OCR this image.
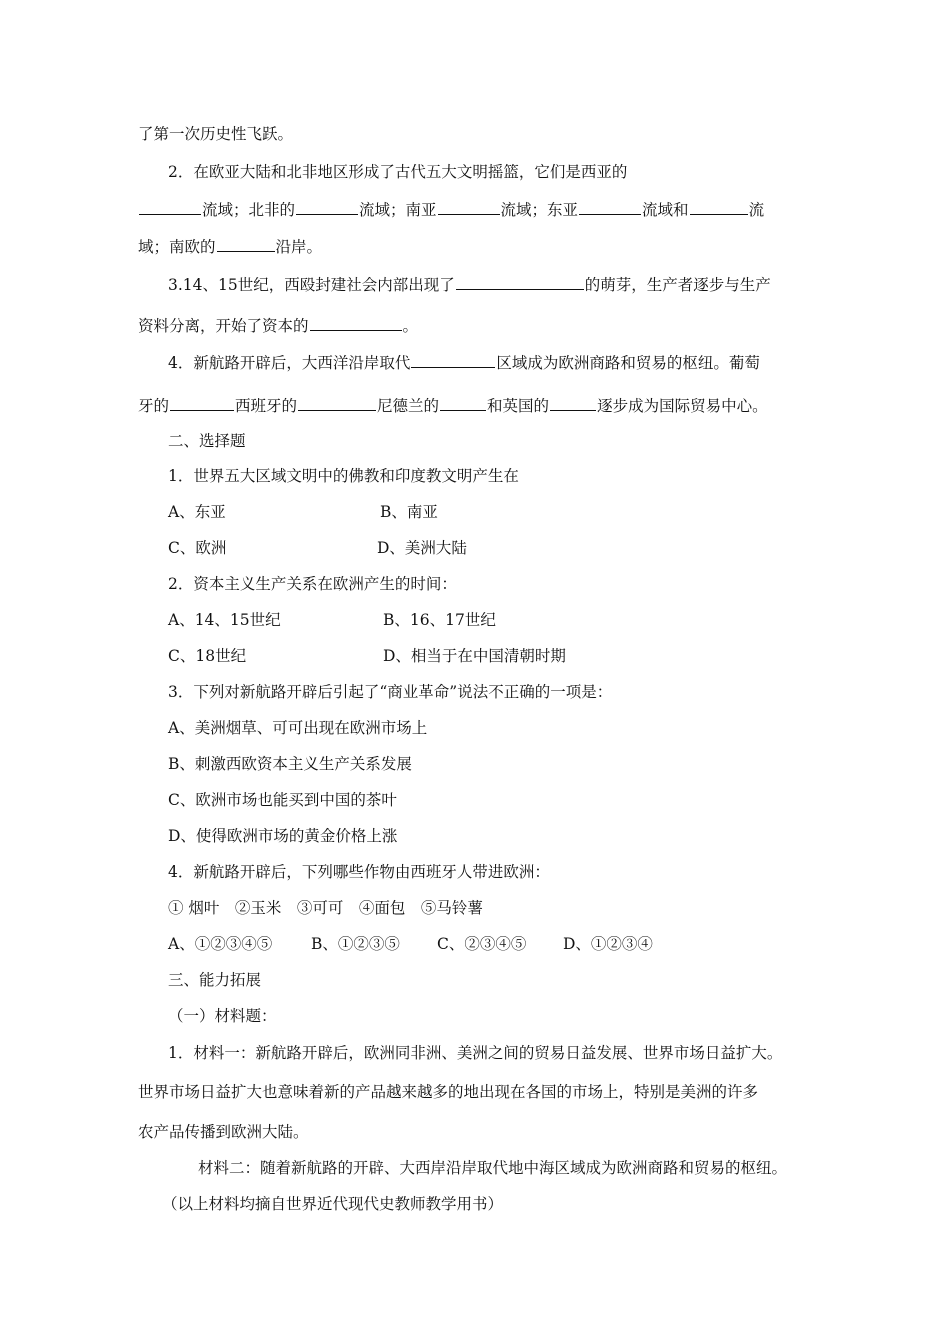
了第一次历史性飞跃。
2．在欧亚大陆和北非地区形成了古代五大文明摇篮，它们是西亚的
流域；北非的	流域；南亚	流域；东亚	流域和	流
域；南欧的	沿岸。
3.14、15世纪，西殴封建社会内部出现了	的萌芽，生产者逐步与生产
资料分离，开始了资本的	。
4．新航路开辟后，大西洋沿岸取代	区域成为欧洲商路和贸易的枢纽。葡萄
牙的	西班牙的	尼德兰的	和英国的	逐步成为国际贸易中心。
二、选择题
1．世界五大区域文明中的佛教和印度教文明产生在
A、东亚	B、南亚
C、欧洲	D、美洲大陆
2．资本主义生产关系在欧洲产生的时间：
A、14、15世纪	B、16、17世纪
C、18世纪	D、相当于在中国清朝时期
3．下列对新航路开辟后引起了“商业革命”说法不正确的一项是：
A、美洲烟草、可可出现在欧洲市场上
B、刺激西欧资本主义生产关系发展
C、欧洲市场也能买到中国的茶叶
D、使得欧洲市场的黄金价格上涨
4．新航路开辟后，下列哪些作物由西班牙人带进欧洲：
① 烟叶　②玉米　③可可　④面包　⑤马铃薯
A、①②③④⑤	B、①②③⑤ C、②③④⑤ D、①②③④
三、能力拓展
（一）材料题：
1．材料一：新航路开辟后，欧洲同非洲、美洲之间的贸易日益发展、世界市场日益扩大。
世界市场日益扩大也意味着新的产品越来越多的地出现在各国的市场上，特别是美洲的许多
农产品传播到欧洲大陆。
材料二：随着新航路的开辟、大西岸沿岸取代地中海区域成为欧洲商路和贸易的枢纽。
（以上材料均摘自世界近代现代史教师教学用书）
